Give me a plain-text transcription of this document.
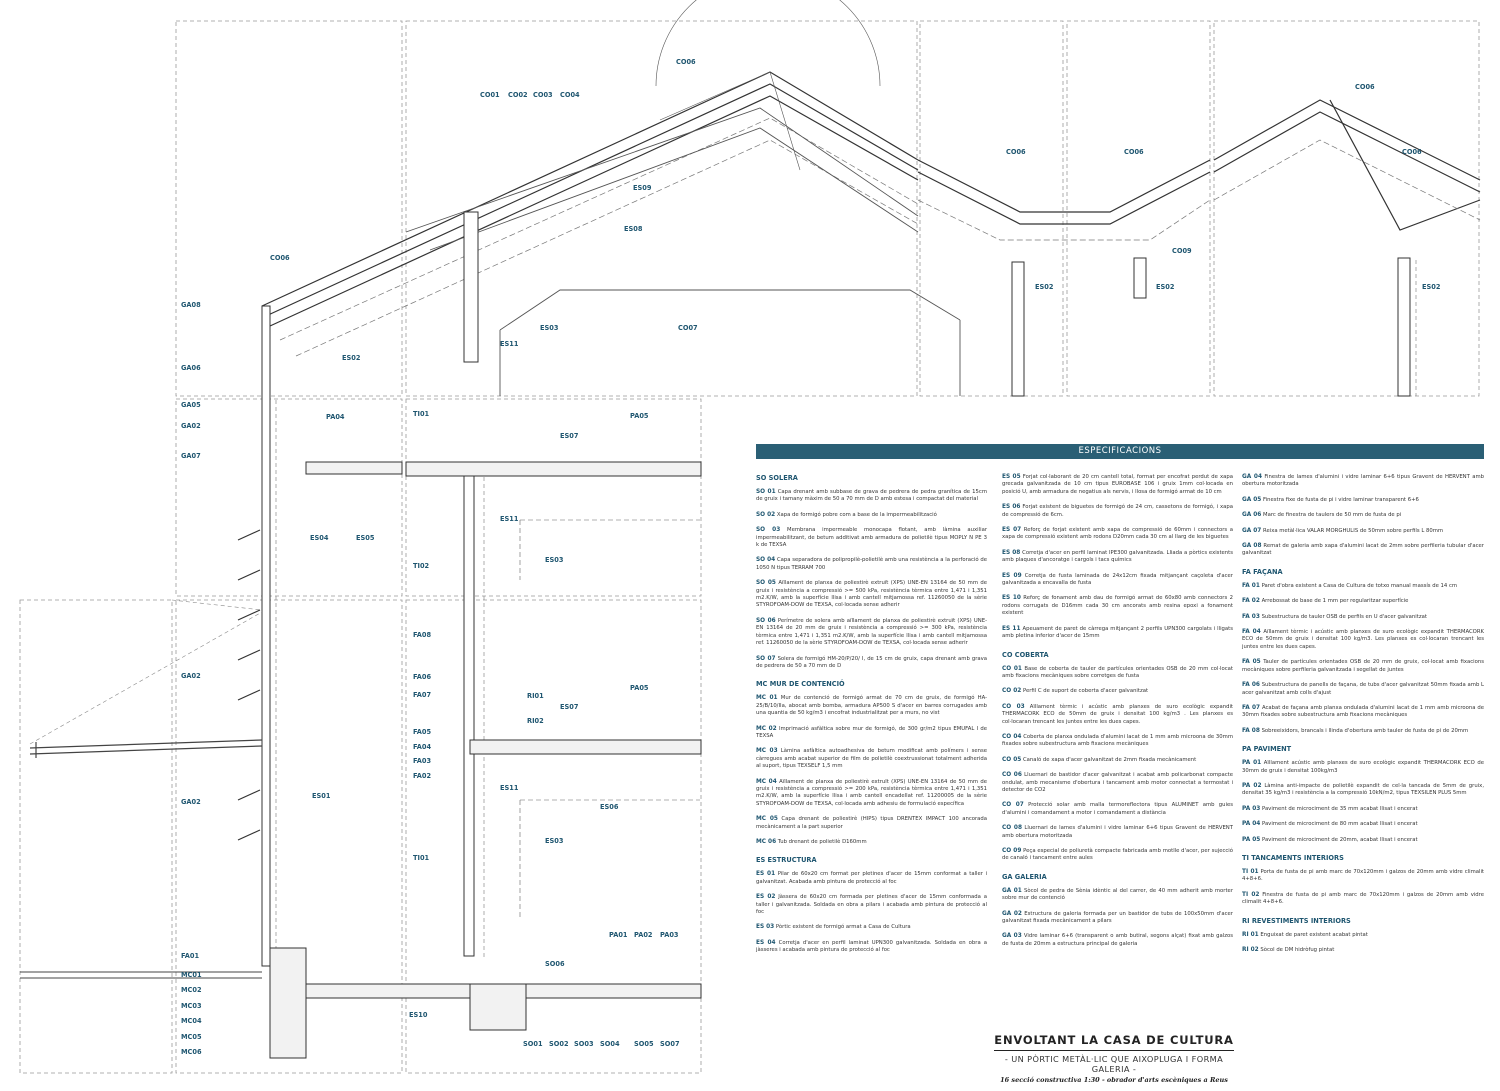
CO06
GA08
GA06
ES02
CO01 CO02 CO03 CO04
CO06
ES09
ES08
CO07
ES03
ES11
CO06	CO06
CO09
ES02	ES02
CO06
CO06
ES02
GA05
GA02
GA07
PA04
ES04	ES05
TI01	PA05
ES07
ES11
TI02
ES03
FA08
FA06
FA07	RI01
RI02
PA05
ES07
FA05
FA04
FA03
FA02
ES11
ES06
ES03
TI01
GA02
GA02
ES01
PA01 PA02 PA03
SO06
FA01
MC01
MC02
MC03
MC04
MC05
MC06
ES10
SO01 SO02 SO03 SO04 SO05 SO07
ESPECIFICACIONS
SO SOLERA
SO 01 Capa drenant amb subbase de grava de pedrera de pedra granítica de 15cm de gruix i tamany màxim de 50 a 70 mm de D amb estesa i compactat del material
SO 02 Xapa de formigó pobre com a base de la impermeabilització
SO 03 Membrana impermeable monocapa flotant, amb làmina auxiliar impermeabilitzant, de betum additivat amb armadura de polietilè tipus MOPLY N PE 3 k de TEXSA
SO 04 Capa separadora de polipropilè-polietilè amb una resistència a la perforació de 1050 N tipus TERRAM 700
SO 05 Aïllament de planxa de poliestirè extruït (XPS) UNE-EN 13164 de 50 mm de gruix i resistència a compressió >= 500 kPa, resistència tèrmica entre 1,471 i 1,351 m2.K/W, amb la superfície llisa i amb cantell mitjamossa ref. 11260050 de la sèrie STYROFOAM-DOW de TEXSA, col·locada sense adherir
SO 06 Perímetre de solera amb aïllament de planxa de poliestirè extruït (XPS) UNE-EN 13164 de 20 mm de gruix i resistència a compressió >= 300 kPa, resistència tèrmica entre 1,471 i 1,351 m2.K/W, amb la superfície llisa i amb cantell mitjamossa ref. 11260050 de la sèrie STYROFOAM-DOW de TEXSA, col·locada sense adherir
SO 07 Solera de formigó HM-20/P/20/ I, de 15 cm de gruix, capa drenant amb grava de pedrera de 50 a 70 mm de D
MC MUR DE CONTENCIÓ
MC 01 Mur de contenció de formigó armat de 70 cm de gruix, de formigó HA-25/B/10/IIa, abocat amb bomba, armadura AP500 S d'acer en barres corrugades amb una quantia de 50 kg/m3 i encofrat industrialitzat per a murs, no vist
MC 02 Imprimació asfàltica sobre mur de formigó, de 300 gr/m2 tipus EMUFAL I de TEXSA
MC 03 Làmina asfàltica autoadhesiva de betum modificat amb polímers i sense càrregues amb acabat superior de film de polietilè coextrussionat totalment adherida al suport, tipus TEXSELF 1,5 mm
MC 04 Aïllament de planxa de poliestirè extruït (XPS) UNE-EN 13164 de 50 mm de gruix i resistència a compressió >= 200 kPa, resistència tèrmica entre 1,471 i 1,351 m2.K/W, amb la superfície llisa i amb cantell encadellat ref. 11200005 de la sèrie STYROFOAM-DOW de TEXSA, col·locada amb adhesiu de formulació específica
MC 05 Capa drenant de poliestirè (HIPS) tipus DRENTEX IMPACT 100 ancorada mecànicament a la part superior
MC 06 Tub drenant de polietilè D160mm
ES ESTRUCTURA
ES 01 Pilar de 60x20 cm format per pletines d'acer de 15mm conformat a taller i galvanitzat. Acabada amb pintura de protecció al foc
ES 02 Jàssera de 60x20 cm formada per pletines d'acer de 15mm conformada a taller i galvanitzada. Soldada en obra a pilars i acabada amb pintura de protecció al foc
ES 03 Pòrtic existent de formigó armat a Casa de Cultura
ES 04 Corretja d'acer en perfil laminat UPN300 galvanitzada. Soldada en obra a jàsseres i acabada amb pintura de protecció al foc
ES 05 Forjat col·laborant de 20 cm cantell total, format per encofrat perdut de xapa grecada galvanitzada de 10 cm tipus EUROBASE 106 i gruix 1mm col·locada en posició U, amb armadura de negatius als nervis, i llosa de formigó armat de 10 cm
ES 06 Forjat existent de biguetes de formigó de 24 cm, cassetons de formigó, i xapa de compressió de 6cm.
ES 07 Reforç de forjat existent amb xapa de compressió de 60mm i connectors a xapa de compressió existent amb rodons D20mm cada 30 cm al llarg de les biguetes
ES 08 Corretja d'acer en perfil laminat IPE300 galvanitzada. Lliada a pòrtics existents amb plaques d'ancoratge i cargols i tacs químics
ES 09 Corretja de fusta laminada de 24x12cm fixada mitjançant caçoleta d'acer galvanitzada a encavalla de fusta
ES 10 Reforç de fonament amb dau de formigó armat de 60x80 amb connectors 2 rodons corrugats de D16mm cada 30 cm ancorats amb resina epoxi a fonament existent
ES 11 Apeuament de paret de càrrega mitjançant 2 perfils UPN300 cargolats i lligats amb pletina inferior d'acer de 15mm
CO COBERTA
CO 01 Base de coberta de tauler de partícules orientades OSB de 20 mm col·locat amb fixacions mecàniques sobre corretges de fusta
CO 02 Perfil C de suport de coberta d'acer galvanitzat
CO 03 Aïllament tèrmic i acústic amb planxes de suro ecològic expandit THERMACORK ECO de 50mm de gruix i densitat 100 kg/m3 . Les planxes es col·locaran trencant les juntes entre les dues capes.
CO 04 Coberta de planxa ondulada d'alumini lacat de 1 mm amb microona de 30mm fixades sobre subestructura amb fixacions mecàniques
CO 05 Canaló de xapa d'acer galvanitzat de 2mm fixada mecànicament
CO 06 Lluernari de bastidor d'acer galvanitzat i acabat amb policarbonat compacte ondulat, amb mecanisme d'obertura i tancament amb motor connectat a termostat i detector de CO2
CO 07 Protecció solar amb malla termoreflectora tipus ALUMINET amb guies d'alumini i comandament a motor i comandament a distància
CO 08 Lluernari de lames d'alumini i vidre laminar 6+6 tipus Gravent de HERVENT amb obertura motoritzada
CO 09 Peça especial de poliuretà compacte fabricada amb motlle d'acer, per sujecció de canaló i tancament entre aules
GA GALERIA
GA 01 Sòcol de pedra de Sènia idèntic al del carrer, de 40 mm adherit amb morter sobre mur de contenció
GA 02 Estructura de galeria formada per un bastidor de tubs de 100x50mm d'acer galvanitzat fixada mecànicament a pilars
GA 03 Vidre laminar 6+6 (transparent o amb butiral, segons alçat) fixat amb galzos de fusta de 20mm a estructura principal de galeria
GA 04 Finestra de lames d'alumini i vidre laminar 6+6 tipus Gravent de HERVENT amb obertura motoritzada
GA 05 Finestra fixe de fusta de pi i vidre laminar transparent 6+6
GA 06 Marc de finestra de taulers de 50 mm de fusta de pi
GA 07 Reixa metàl·lica VALAR MORGHULIS de 50mm sobre perfils L 80mm
GA 08 Remat de galeria amb xapa d'alumini lacat de 2mm sobre perfileria tubular d'acer galvanitzat
FA FAÇANA
FA 01 Paret d'obra existent a Casa de Cultura de totxo manual massís de 14 cm
FA 02 Arrebossat de base de 1 mm per regularitzar superfície
FA 03 Subestructura de tauler OSB de perfils en U d'acer galvanitzat
FA 04 Aïllament tèrmic i acústic amb planxes de suro ecològic expandit THERMACORK ECO de 50mm de gruix i densitat 100 kg/m3. Les planxes es col·locaran trencant les juntes entre les dues capes.
FA 05 Tauler de partícules orientades OSB de 20 mm de gruix, col·locat amb fixacions mecàniques sobre perfileria galvanitzada i segellat de juntes
FA 06 Subestructura de panells de façana, de tubs d'acer galvanitzat 50mm fixada amb L acer galvanitzat amb colls d'ajust
FA 07 Acabat de façana amb planxa ondulada d'alumini lacat de 1 mm amb microona de 30mm fixades sobre subestructura amb fixacions mecàniques
FA 08 Sobreeixidors, brancals i llinda d'obertura amb tauler de fusta de pi de 20mm
PA PAVIMENT
PA 01 Aïllament acústic amb planxes de suro ecològic expandit THERMACORK ECO de 30mm de gruix i densitat 100kg/m3
PA 02 Làmina anti-impacte de polietilè expandit de cel·la tancada de 5mm de gruix, densitat 35 kg/m3 i resistència a la compressió 10kN/m2, tipus TEXSILEN PLUS 5mm
PA 03 Paviment de microciment de 35 mm acabat llisat i encerat
PA 04 Paviment de microciment de 80 mm acabat llisat i encerat
PA 05 Paviment de microciment de 20mm, acabat llisat i encerat
TI TANCAMENTS INTERIORS
TI 01 Porta de fusta de pi amb marc de 70x120mm i galzos de 20mm amb vidre climalit 4+8+6.
TI 02 Finestra de fusta de pi amb marc de 70x120mm i galzos de 20mm amb vidre climalit 4+8+6.
RI REVESTIMENTS INTERIORS
RI 01 Enguixat de paret existent acabat pintat
RI 02 Sòcol de DM hidròfug pintat
ENVOLTANT LA CASA DE CULTURA
- UN PÒRTIC METÀL·LIC QUE AIXOPLUGA I FORMA GALERIA -
16 secció constructiva 1:30 - obrador d'arts escèniques a Reus
